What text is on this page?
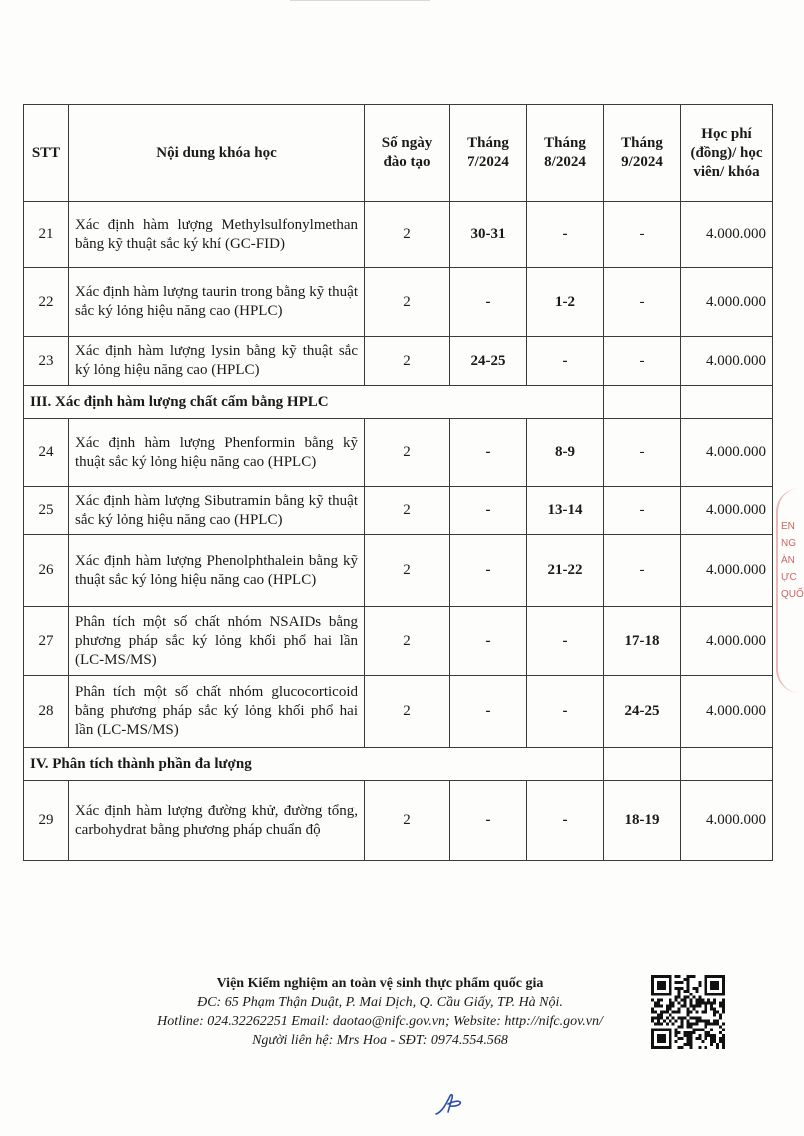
STT	Nội dung khóa học	Số ngày đào tạo	Tháng 7/2024	Tháng 8/2024	Tháng 9/2024	Học phí (đồng)/ học viên/ khóa
21	Xác định hàm lượng Methylsulfonylmethan bằng kỹ thuật sắc ký khí (GC-FID)	2	30-31	-	-	4.000.000
22	Xác định hàm lượng taurin trong bằng kỹ thuật sắc ký lỏng hiệu năng cao (HPLC)	2	-	1-2	-	4.000.000
23	Xác định hàm lượng lysin bằng kỹ thuật sắc ký lỏng hiệu năng cao (HPLC)	2	24-25	-	-	4.000.000
III. Xác định hàm lượng chất cấm bằng HPLC						
24	Xác định hàm lượng Phenformin bằng kỹ thuật sắc ký lỏng hiệu năng cao (HPLC)	2	-	8-9	-	4.000.000
25	Xác định hàm lượng Sibutramin bằng kỹ thuật sắc ký lỏng hiệu năng cao (HPLC)	2	-	13-14	-	4.000.000
26	Xác định hàm lượng Phenolphthalein bằng kỹ thuật sắc ký lỏng hiệu năng cao (HPLC)	2	-	21-22	-	4.000.000
27	Phân tích một số chất nhóm NSAIDs bằng phương pháp sắc ký lỏng khối phổ hai lần (LC-MS/MS)	2	-	-	17-18	4.000.000
28	Phân tích một số chất nhóm glucocorticoid bằng phương pháp sắc ký lỏng khối phổ hai lần (LC-MS/MS)	2	-	-	24-25	4.000.000
IV. Phân tích thành phần đa lượng						
29	Xác định hàm lượng đường khử, đường tổng, carbohydrat bằng phương pháp chuẩn độ	2	-	-	18-19	4.000.000
EN
NG
ÀN
ỰC
QUỐ
Viện Kiểm nghiệm an toàn vệ sinh thực phẩm quốc gia
ĐC: 65 Phạm Thận Duật, P. Mai Dịch, Q. Cầu Giấy, TP. Hà Nội.
Hotline: 024.32262251 Email: daotao@nifc.gov.vn; Website: http://nifc.gov.vn/
Người liên hệ: Mrs Hoa - SĐT: 0974.554.568
